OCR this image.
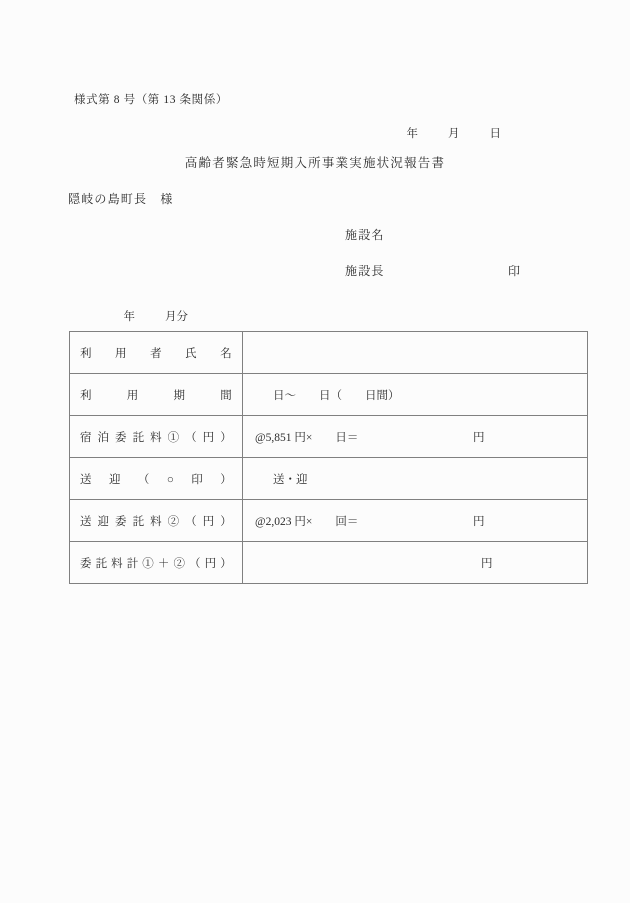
様式第 8 号（第 13 条関係）

年	月	日

高齢者緊急時短期入所事業実施状況報告書
隠岐の島町長　様
施設名
施設長	印

年	月分

利用者氏名	

利用期間	日〜　　日（　　日間）

宿泊委託料①（円）	@5,851 円×　　日＝ 円

送迎（○印）	送・迎

送迎委託料②（円）	@2,023 円×　　回＝ 円

委託料計①＋②（円）	円
